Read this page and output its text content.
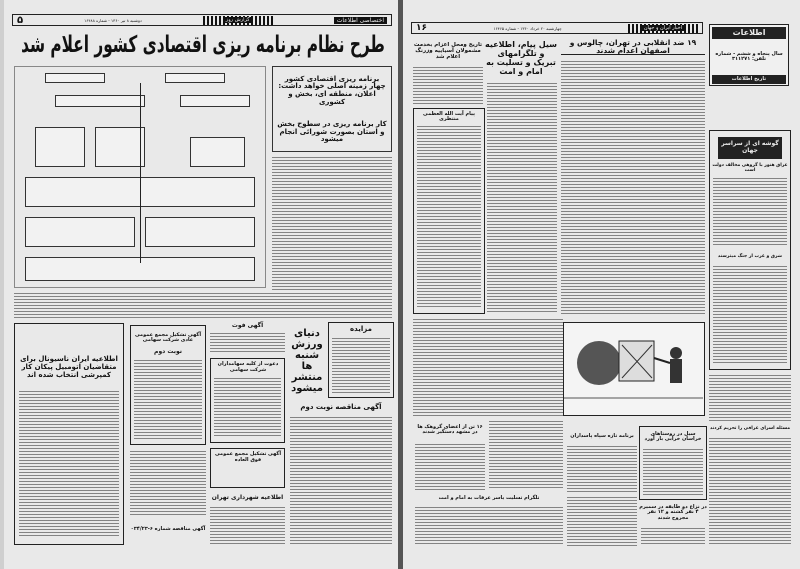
اختصاصی اطلاعات
گزارش روز
دوشنبه ۸ تیر ۱۳۶۰ - شماره ۱۶۴۸۸
۵
طرح نظام برنامه ریزی اقتصادی کشور اعلام شد
برنامه ریزی اقتصادی کشور چهار زمینه اصلی خواهد داشت: اعلان، منطقه ای، بخش و کشوری
کار برنامه ریزی در سطوح بخش و استان بصورت شورائی انجام میشود
اطلاعیه ایران ناسیونال برای متقاضیان اتومبیل پیکان کار کمپرشی انتخاب شده اند
آگهی تشکیل مجمع عمومی عادی شرکت سهامی
نوبت دوم
آگهی فوت
دعوت از کلیه سهامداران شرکت سهامی
آگهی تشکیل مجمع عمومی فوق العاده
اطلاعیه شهرداری تهران
دنیای ورزش شنبه ها منتشر میشود
مزایده
آگهی مناقصه نوبت دوم
آگهی مناقصه شماره ۶-۰۳۴/۲۳
۱۶	چهارشنبه ۲۰ خرداد ۱۳۶۰ - شماره ۱۶۴۶۵	اخبار ایران و جهان	اطلاعات
سال پنجاه و ششم - شماره تلفن: ۳۱۱۲۷۱
تاریخ اطلاعات
۱۹ ضد انقلابی در تهران، چالوس و اصفهان اعدام شدند
سیل پیام، اطلاعیه و تلگرامهای تبریک و تسلیت به امام و امت
تاریخ ومحل اعزام بخدمت مشمولان آسیاییه وزرنگ اعلام شد
پیام آیت الله العظمی منتظری
گوشه ای از سراسر جهان
عراق هنوز با گروهی مخالف دولت است
شرق و غرب از جنگ میترسند
مسئله اسرای عراقی را تحریم کردند
۱۶ تن از اعضای گروهک ها در مشهد دستگیر شدند
برنامه تازه سپاه پاسداران	سیل در روستاهای خراسان خرابی بار آورد
تلگرام تسلیت یاسر عرفات به امام و امت
در نزاع دو طایفه در سمیرم ۴ نفر کشته و ۱۲ نفر مجروح شدند
